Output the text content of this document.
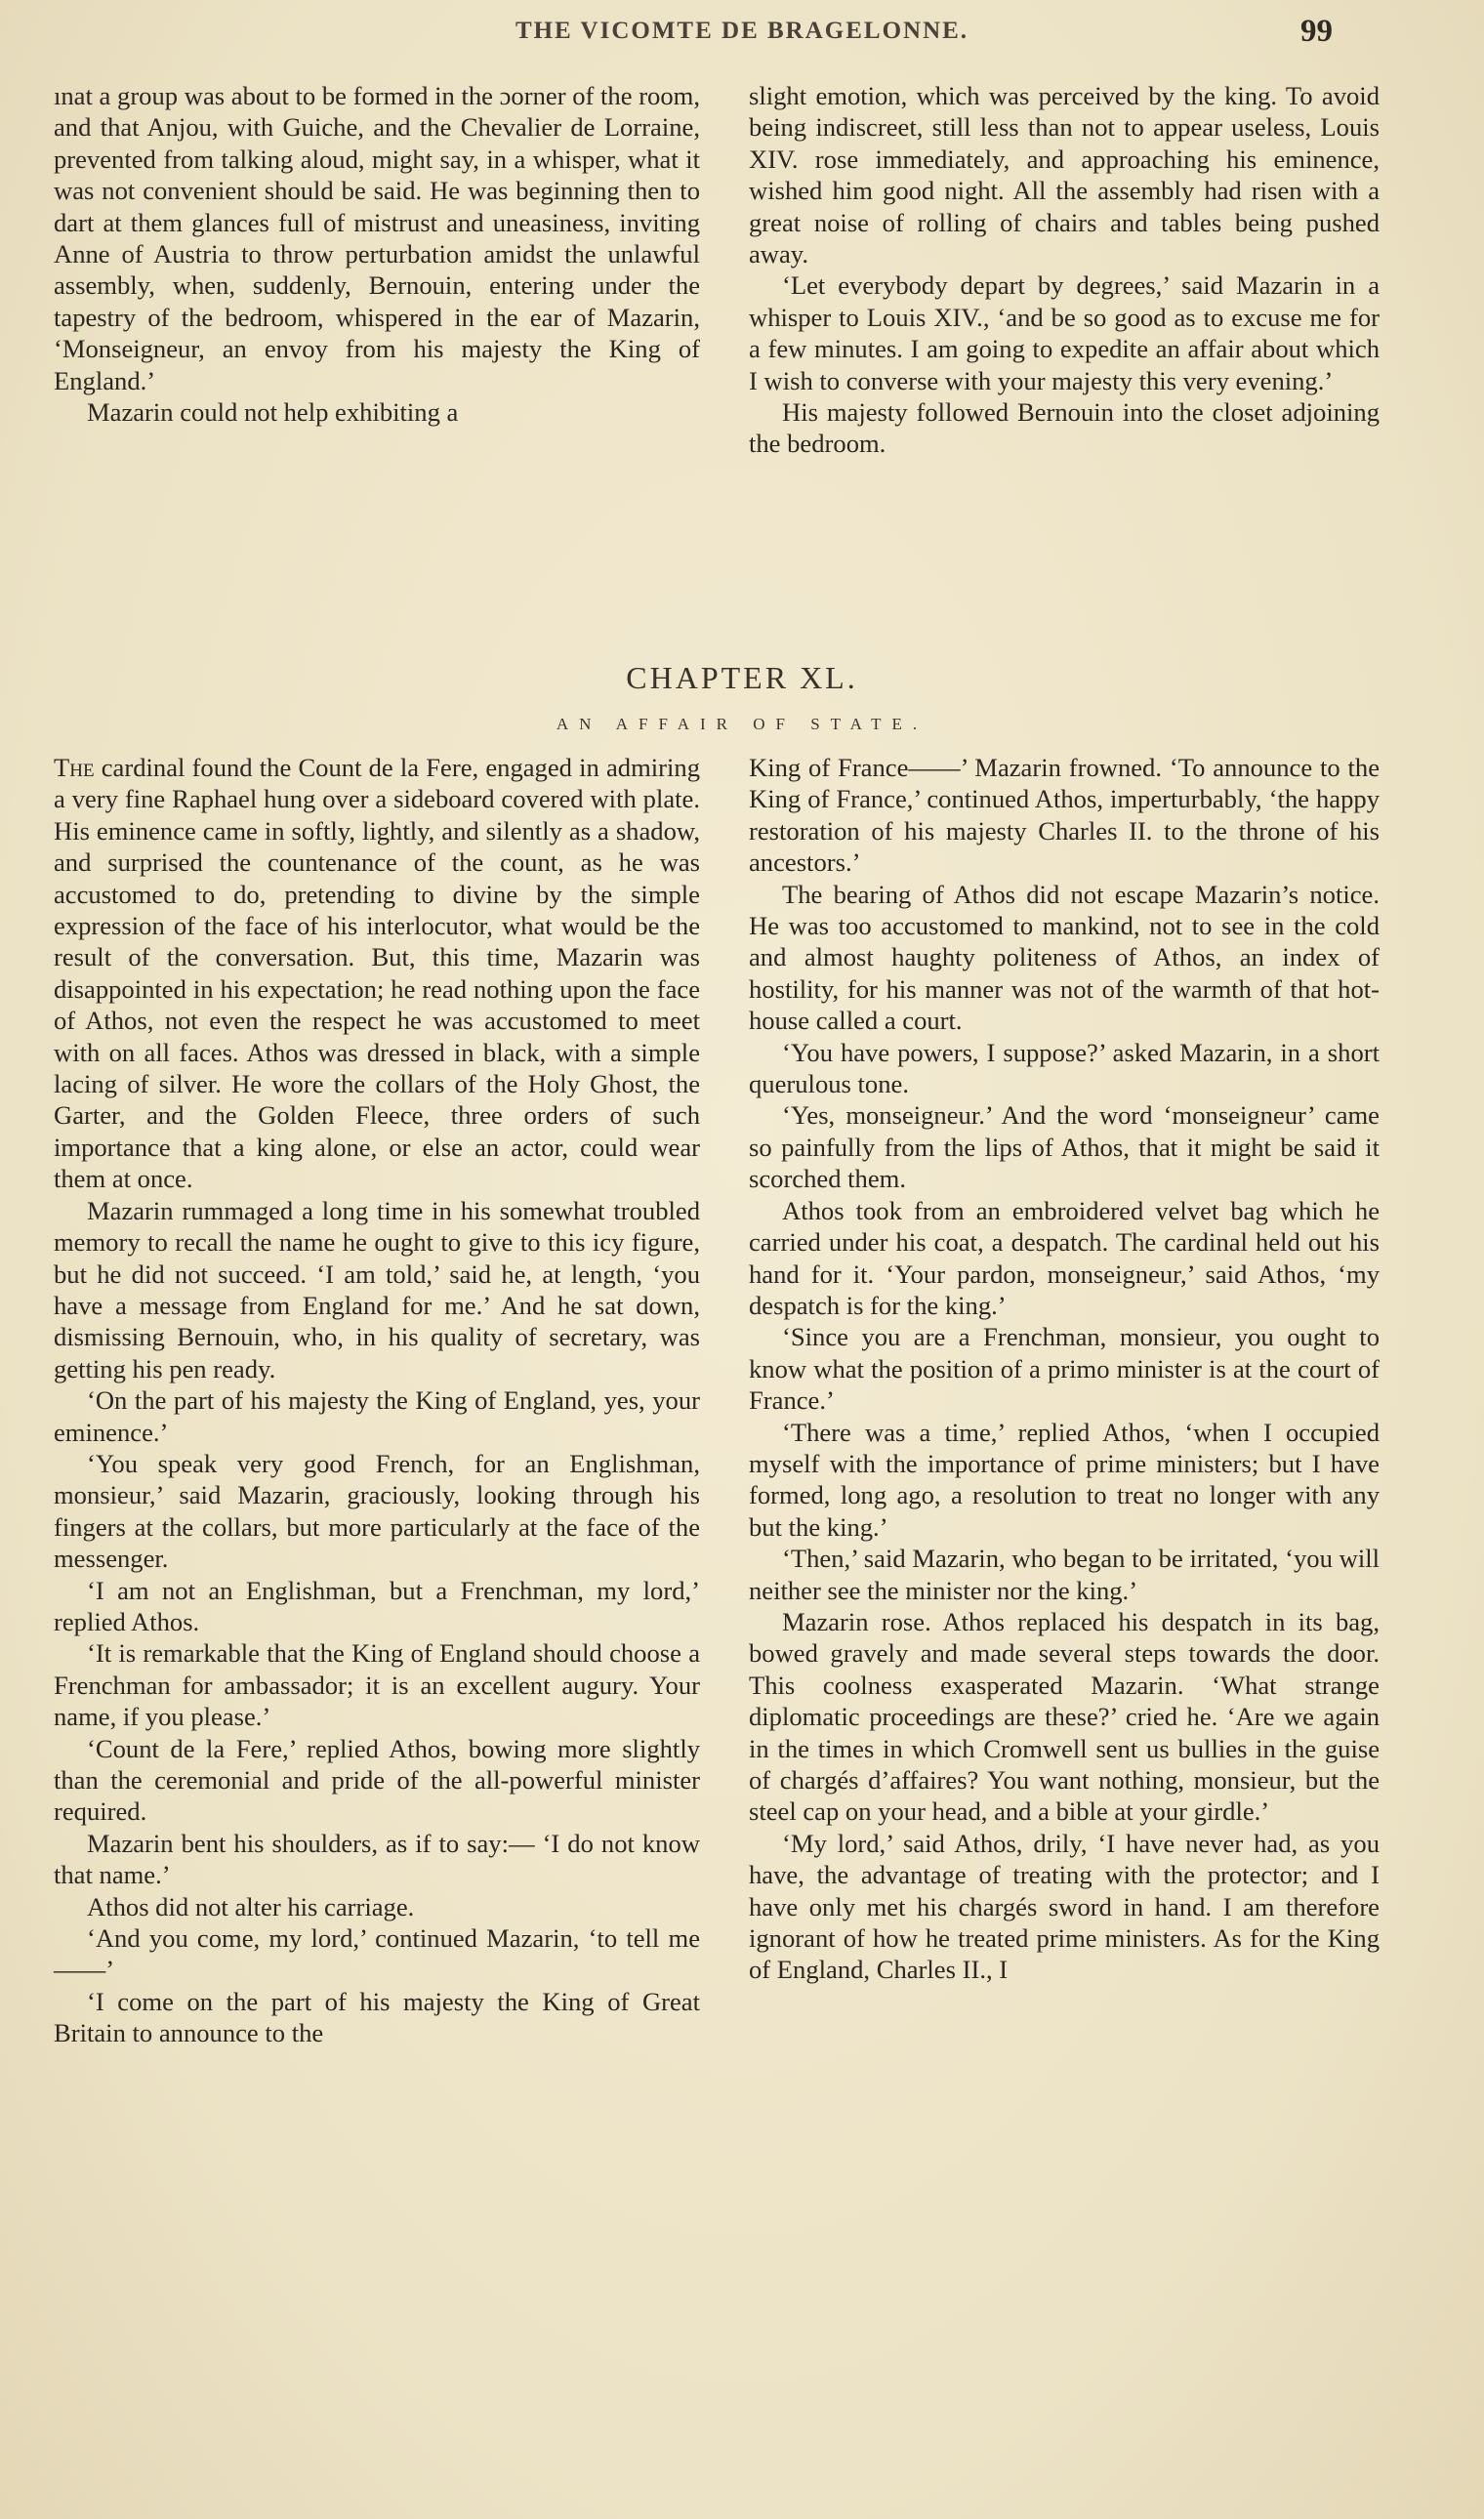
THE VICOMTE DE BRAGELONNE.	99

ınat a group was about to be formed in the ɔorner of the room, and that Anjou, with Guiche, and the Chevalier de Lorraine, prevented from talking aloud, might say, in a whisper, what it was not convenient should be said. He was beginning then to dart at them glances full of mistrust and uneasiness, inviting Anne of Austria to throw perturbation amidst the unlawful assembly, when, suddenly, Bernouin, entering under the tapestry of the bedroom, whispered in the ear of Mazarin, ‘Monseigneur, an envoy from his majesty the King of England.’

Mazarin could not help exhibiting a

slight emotion, which was perceived by the king. To avoid being indiscreet, still less than not to appear useless, Louis XIV. rose immediately, and approaching his eminence, wished him good night. All the assembly had risen with a great noise of rolling of chairs and tables being pushed away.

‘Let everybody depart by degrees,’ said Mazarin in a whisper to Louis XIV., ‘and be so good as to excuse me for a few minutes. I am going to expedite an affair about which I wish to converse with your majesty this very evening.’

His majesty followed Bernouin into the closet adjoining the bedroom.

CHAPTER XL.
AN AFFAIR OF STATE.

The cardinal found the Count de la Fere, engaged in admiring a very fine Raphael hung over a sideboard covered with plate. His eminence came in softly, lightly, and silently as a shadow, and surprised the countenance of the count, as he was accustomed to do, pretending to divine by the simple expression of the face of his interlocutor, what would be the result of the conversation. But, this time, Mazarin was disappointed in his expectation; he read nothing upon the face of Athos, not even the respect he was accustomed to meet with on all faces. Athos was dressed in black, with a simple lacing of silver. He wore the collars of the Holy Ghost, the Garter, and the Golden Fleece, three orders of such importance that a king alone, or else an actor, could wear them at once.

Mazarin rummaged a long time in his somewhat troubled memory to recall the name he ought to give to this icy figure, but he did not succeed. ‘I am told,’ said he, at length, ‘you have a message from England for me.’ And he sat down, dismissing Bernouin, who, in his quality of secretary, was getting his pen ready.

‘On the part of his majesty the King of England, yes, your eminence.’

‘You speak very good French, for an Englishman, monsieur,’ said Mazarin, graciously, looking through his fingers at the collars, but more particularly at the face of the messenger.

‘I am not an Englishman, but a Frenchman, my lord,’ replied Athos.

‘It is remarkable that the King of England should choose a Frenchman for ambassador; it is an excellent augury. Your name, if you please.’

‘Count de la Fere,’ replied Athos, bowing more slightly than the ceremonial and pride of the all-powerful minister required.

Mazarin bent his shoulders, as if to say:— ‘I do not know that name.’

Athos did not alter his carriage.

‘And you come, my lord,’ continued Mazarin, ‘to tell me——’

‘I come on the part of his majesty the King of Great Britain to announce to the

King of France——’ Mazarin frowned. ‘To announce to the King of France,’ continued Athos, imperturbably, ‘the happy restoration of his majesty Charles II. to the throne of his ancestors.’

The bearing of Athos did not escape Mazarin’s notice. He was too accustomed to mankind, not to see in the cold and almost haughty politeness of Athos, an index of hostility, for his manner was not of the warmth of that hot-house called a court.

‘You have powers, I suppose?’ asked Mazarin, in a short querulous tone.

‘Yes, monseigneur.’ And the word ‘monseigneur’ came so painfully from the lips of Athos, that it might be said it scorched them.

Athos took from an embroidered velvet bag which he carried under his coat, a despatch. The cardinal held out his hand for it. ‘Your pardon, monseigneur,’ said Athos, ‘my despatch is for the king.’

‘Since you are a Frenchman, monsieur, you ought to know what the position of a primo minister is at the court of France.’

‘There was a time,’ replied Athos, ‘when I occupied myself with the importance of prime ministers; but I have formed, long ago, a resolution to treat no longer with any but the king.’

‘Then,’ said Mazarin, who began to be irritated, ‘you will neither see the minister nor the king.’

Mazarin rose. Athos replaced his despatch in its bag, bowed gravely and made several steps towards the door. This coolness exasperated Mazarin. ‘What strange diplomatic proceedings are these?’ cried he. ‘Are we again in the times in which Cromwell sent us bullies in the guise of chargés d’affaires? You want nothing, monsieur, but the steel cap on your head, and a bible at your girdle.’

‘My lord,’ said Athos, drily, ‘I have never had, as you have, the advantage of treating with the protector; and I have only met his chargés sword in hand. I am therefore ignorant of how he treated prime ministers. As for the King of England, Charles II., I
